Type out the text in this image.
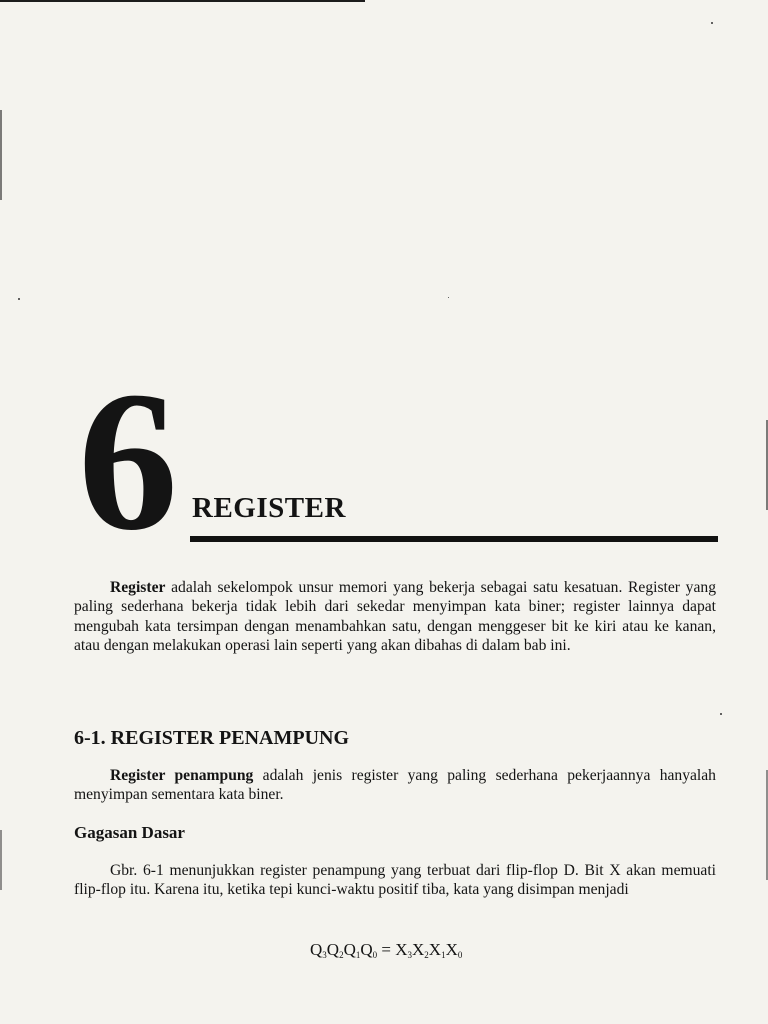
6 REGISTER

Register adalah sekelompok unsur memori yang bekerja sebagai satu kesatuan. Register yang paling sederhana bekerja tidak lebih dari sekedar menyimpan kata biner; register lainnya dapat mengubah kata tersimpan dengan menambahkan satu, dengan menggeser bit ke kiri atau ke kanan, atau dengan melakukan operasi lain seperti yang akan dibahas di dalam bab ini.

6-1. REGISTER PENAMPUNG

Register penampung adalah jenis register yang paling sederhana pekerjaannya hanyalah menyimpan sementara kata biner.

Gagasan Dasar

Gbr. 6-1 menunjukkan register penampung yang terbuat dari flip-flop D. Bit X akan memuati flip-flop itu. Karena itu, ketika tepi kunci-waktu positif tiba, kata yang disimpan menjadi

$Q_3Q_2Q_1Q_0 = X_3X_2X_1X_0$
